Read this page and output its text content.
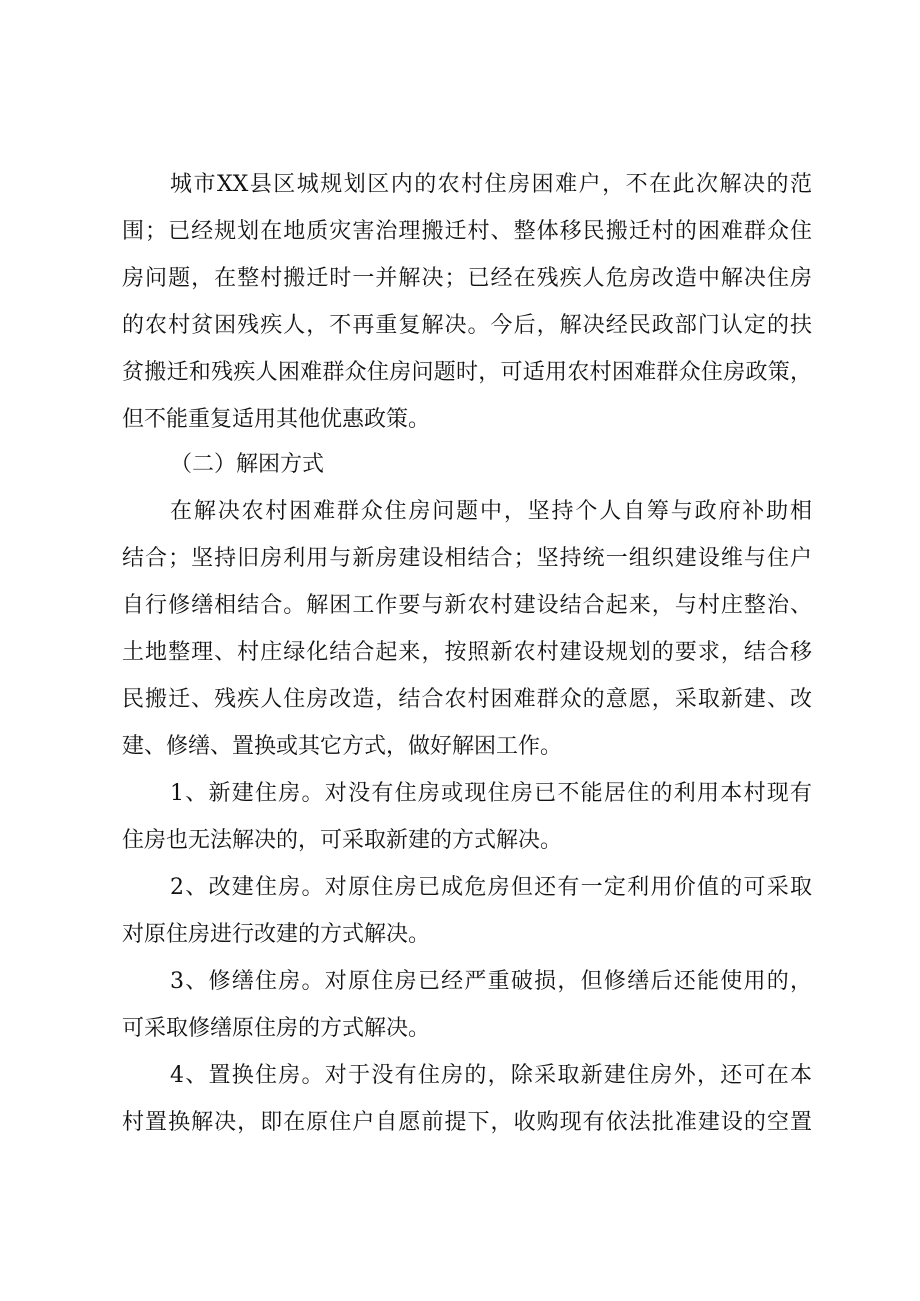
城市XX县区城规划区内的农村住房困难户，不在此次解决的范
围；已经规划在地质灾害治理搬迁村、整体移民搬迁村的困难群众住
房问题，在整村搬迁时一并解决；已经在残疾人危房改造中解决住房
的农村贫困残疾人，不再重复解决。今后，解决经民政部门认定的扶
贫搬迁和残疾人困难群众住房问题时，可适用农村困难群众住房政策，
但不能重复适用其他优惠政策。
（二）解困方式
在解决农村困难群众住房问题中，坚持个人自筹与政府补助相
结合；坚持旧房利用与新房建设相结合；坚持统一组织建设维与住户
自行修缮相结合。解困工作要与新农村建设结合起来，与村庄整治、
土地整理、村庄绿化结合起来，按照新农村建设规划的要求，结合移
民搬迁、残疾人住房改造，结合农村困难群众的意愿，采取新建、改
建、修缮、置换或其它方式，做好解困工作。
1、新建住房。对没有住房或现住房已不能居住的利用本村现有
住房也无法解决的，可采取新建的方式解决。
2、改建住房。对原住房已成危房但还有一定利用价值的可采取
对原住房进行改建的方式解决。
3、修缮住房。对原住房已经严重破损，但修缮后还能使用的，
可采取修缮原住房的方式解决。
4、置换住房。对于没有住房的，除采取新建住房外，还可在本
村置换解决，即在原住户自愿前提下，收购现有依法批准建设的空置
